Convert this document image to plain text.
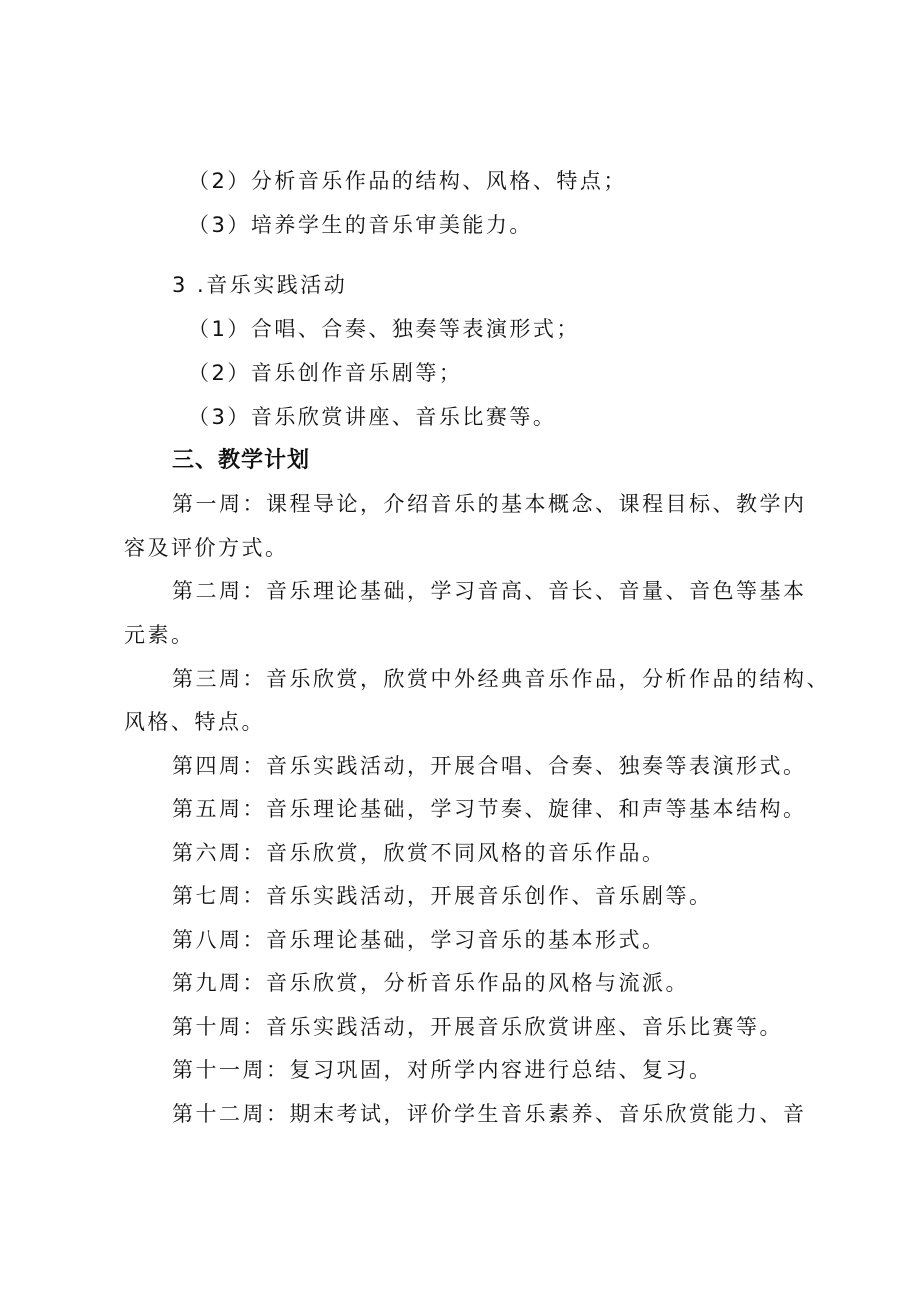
（2）分析音乐作品的结构、风格、特点；
（3）培养学生的音乐审美能力。
3 .音乐实践活动
（1）合唱、合奏、独奏等表演形式；
（2）音乐创作音乐剧等；
（3）音乐欣赏讲座、音乐比赛等。
三、教学计划
第一周：课程导论，介绍音乐的基本概念、课程目标、教学内
容及评价方式。
第二周：音乐理论基础，学习音高、音长、音量、音色等基本
元素。
第三周：音乐欣赏，欣赏中外经典音乐作品，分析作品的结构、
风格、特点。
第四周：音乐实践活动，开展合唱、合奏、独奏等表演形式。
第五周：音乐理论基础，学习节奏、旋律、和声等基本结构。
第六周：音乐欣赏，欣赏不同风格的音乐作品。
第七周：音乐实践活动，开展音乐创作、音乐剧等。
第八周：音乐理论基础，学习音乐的基本形式。
第九周：音乐欣赏，分析音乐作品的风格与流派。
第十周：音乐实践活动，开展音乐欣赏讲座、音乐比赛等。
第十一周：复习巩固，对所学内容进行总结、复习。
第十二周：期末考试，评价学生音乐素养、音乐欣赏能力、音
